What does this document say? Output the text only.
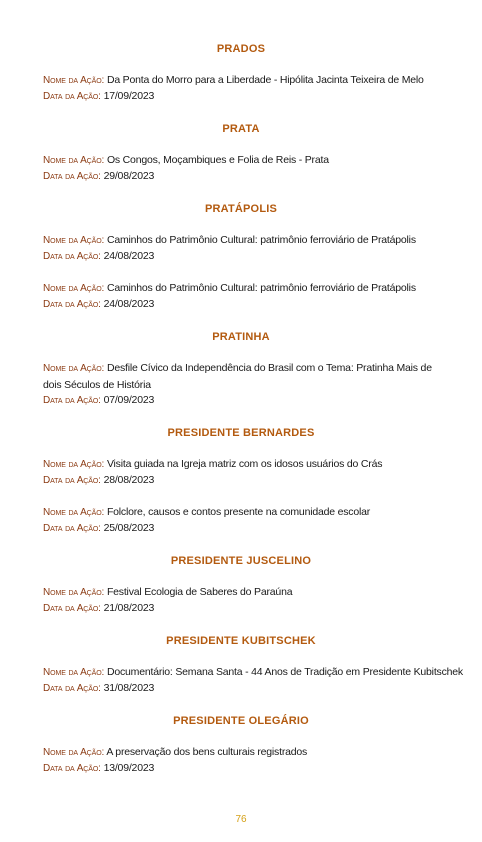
PRADOS
Nome da Ação: Da Ponta do Morro para a Liberdade - Hipólita Jacinta Teixeira de Melo
Data da Ação: 17/09/2023
PRATA
Nome da Ação: Os Congos, Moçambiques e Folia de Reis - Prata
Data da Ação: 29/08/2023
PRATÁPOLIS
Nome da Ação: Caminhos do Patrimônio Cultural: patrimônio ferroviário de Pratápolis
Data da Ação: 24/08/2023
Nome da Ação: Caminhos do Patrimônio Cultural: patrimônio ferroviário de Pratápolis
Data da Ação: 24/08/2023
PRATINHA
Nome da Ação: Desfile Cívico da Independência do Brasil com o Tema: Pratinha Mais de dois Séculos de História
Data da Ação: 07/09/2023
PRESIDENTE BERNARDES
Nome da Ação: Visita guiada na Igreja matriz com os idosos usuários do Crás
Data da Ação: 28/08/2023
Nome da Ação: Folclore, causos e contos presente na comunidade escolar
Data da Ação: 25/08/2023
PRESIDENTE JUSCELINO
Nome da Ação: Festival Ecologia de Saberes do Paraúna
Data da Ação: 21/08/2023
PRESIDENTE KUBITSCHEK
Nome da Ação: Documentário: Semana Santa - 44 Anos de Tradição em Presidente Kubitschek
Data da Ação: 31/08/2023
PRESIDENTE OLEGÁRIO
Nome da Ação: A preservação dos bens culturais registrados
Data da Ação: 13/09/2023
76
